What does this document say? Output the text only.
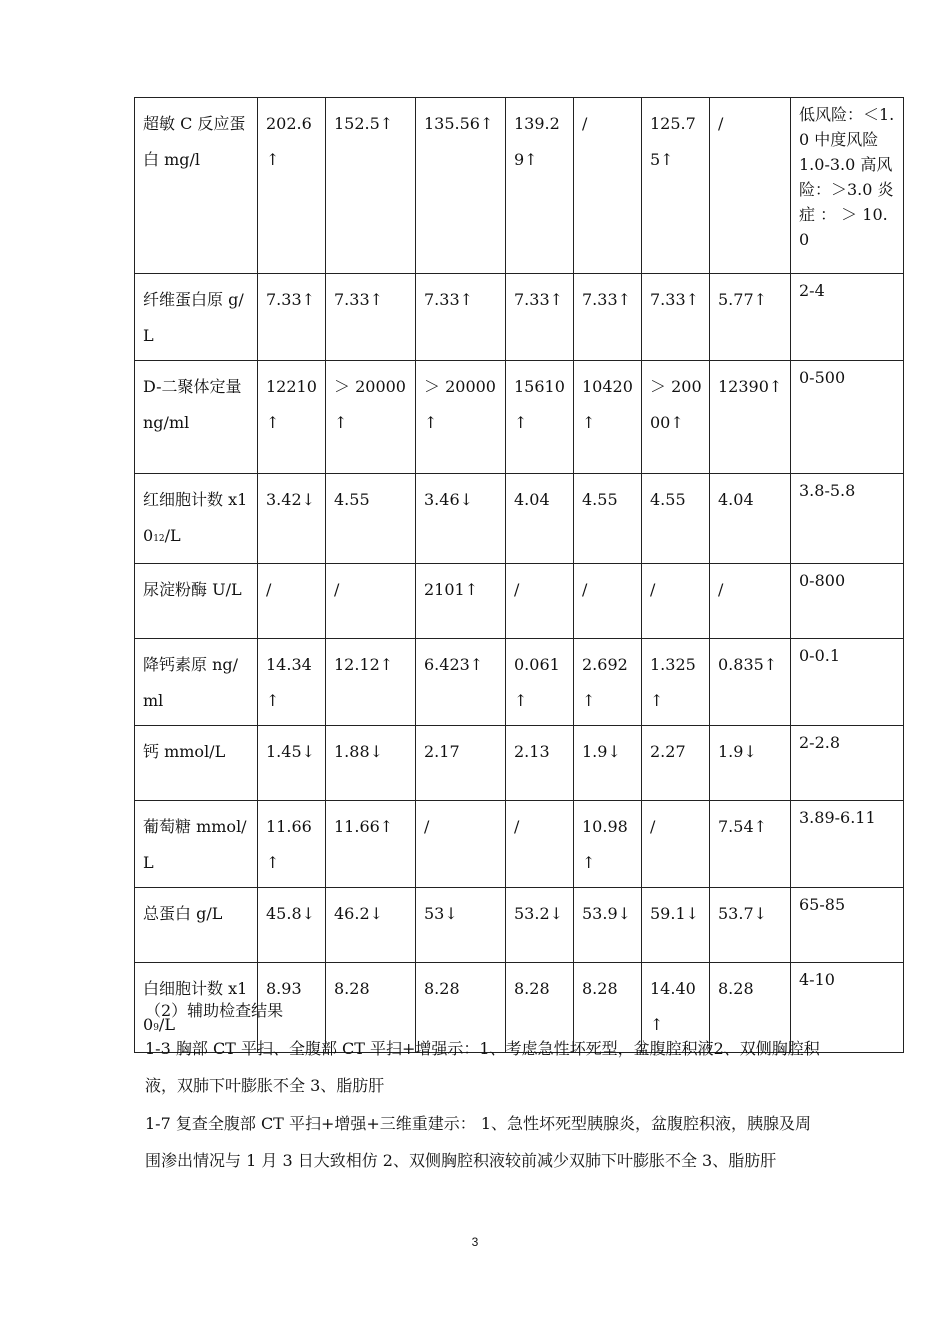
超敏 C 反应蛋白 mg/l	202.6↑	152.5↑	135.56↑	139.29↑	/	125.75↑	/	低风险：＜1.0 中度风险 1.0-3.0 高风险：＞3.0 炎 症 ： ＞ 10.0
纤维蛋白原 g/L	7.33↑	7.33↑	7.33↑	7.33↑	7.33↑	7.33↑	5.77↑	2-4
D-二聚体定量 ng/ml	12210↑	＞ 20000↑	＞ 20000↑	15610↑	10420↑	＞ 20000↑	12390↑	0-500
红细胞计数 x1012/L	3.42↓	4.55	3.46↓	4.04	4.55	4.55	4.04	3.8-5.8
尿淀粉酶 U/L	/	/	2101↑	/	/	/	/	0-800
降钙素原 ng/ml	14.34↑	12.12↑	6.423↑	0.061↑	2.692↑	1.325↑	0.835↑	0-0.1
钙 mmol/L	1.45↓	1.88↓	2.17	2.13	1.9↓	2.27	1.9↓	2-2.8
葡萄糖 mmol/L	11.66↑	11.66↑	/	/	10.98↑	/	7.54↑	3.89-6.11
总蛋白 g/L	45.8↓	46.2↓	53↓	53.2↓	53.9↓	59.1↓	53.7↓	65-85
白细胞计数 x109/L	8.93	8.28	8.28	8.28	8.28	14.40↑	8.28	4-10
（2）辅助检查结果
1-3 胸部 CT 平扫、全腹部 CT 平扫+增强示：1、考虑急性坏死型，盆腹腔积液2、双侧胸腔积液，双肺下叶膨胀不全 3、脂肪肝
1-7 复查全腹部 CT 平扫+增强+三维重建示： 1、急性坏死型胰腺炎，盆腹腔积液，胰腺及周围渗出情况与 1 月 3 日大致相仿 2、双侧胸腔积液较前减少双肺下叶膨胀不全 3、脂肪肝
3
